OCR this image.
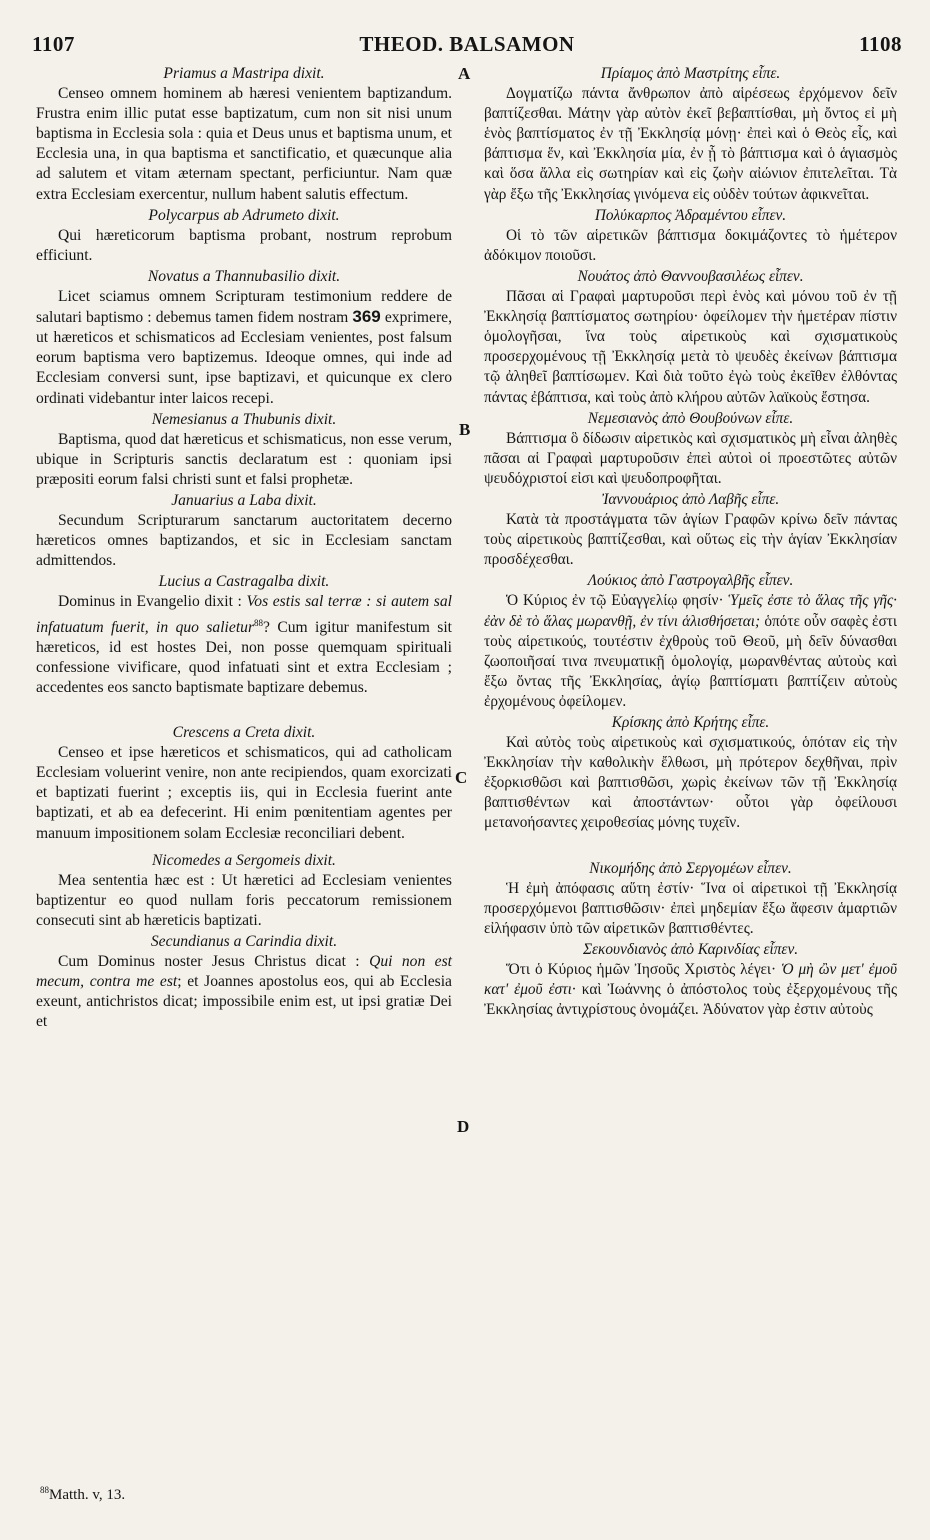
1107	THEOD. BALSAMON	1108
A
B
C
D

Priamus a Mastripa dixit.

Censeo omnem hominem ab hæresi venientem baptizandum. Frustra enim illic putat esse baptizatum, cum non sit nisi unum baptisma in Ecclesia sola : quia et Deus unus et baptisma unum, et Ecclesia una, in qua baptisma et sanctificatio, et quæcunque alia ad salutem et vitam æternam spectant, perficiuntur. Nam quæ extra Ecclesiam exercentur, nullum habent salutis effectum.

Polycarpus ab Adrumeto dixit.

Qui hæreticorum baptisma probant, nostrum reprobum efficiunt.

Novatus a Thannubasilio dixit.

Licet sciamus omnem Scripturam testimonium reddere de salutari baptismo : debemus tamen fidem nostram 369 exprimere, ut hæreticos et schismaticos ad Ecclesiam venientes, post falsum eorum baptisma vero baptizemus. Ideoque omnes, qui inde ad Ecclesiam conversi sunt, ipse baptizavi, et quicunque ex clero ordinati videbantur inter laicos recepi.

Nemesianus a Thubunis dixit.

Baptisma, quod dat hæreticus et schismaticus, non esse verum, ubique in Scripturis sanctis declaratum est : quoniam ipsi præpositi eorum falsi christi sunt et falsi prophetæ.

Januarius a Laba dixit.

Secundum Scripturarum sanctarum auctoritatem decerno hæreticos omnes baptizandos, et sic in Ecclesiam sanctam admittendos.

Lucius a Castragalba dixit.

Dominus in Evangelio dixit : Vos estis sal terræ : si autem sal infatuatum fuerit, in quo salietur$^{88}$? Cum igitur manifestum sit hæreticos, id est hostes Dei, non posse quemquam spirituali confessione vivificare, quod infatuati sint et extra Ecclesiam ; accedentes eos sancto baptismate baptizare debemus.

Crescens a Creta dixit.

Censeo et ipse hæreticos et schismaticos, qui ad catholicam Ecclesiam voluerint venire, non ante recipiendos, quam exorcizati et baptizati fuerint ; exceptis iis, qui in Ecclesia fuerint ante baptizati, et ab ea defecerint. Hi enim pœnitentiam agentes per manuum impositionem solam Ecclesiæ reconciliari debent.

Nicomedes a Sergomeis dixit.

Mea sententia hæc est : Ut hæretici ad Ecclesiam venientes baptizentur eo quod nullam foris peccatorum remissionem consecuti sint ab hæreticis baptizati.

Secundianus a Carindia dixit.

Cum Dominus noster Jesus Christus dicat : Qui non est mecum, contra me est; et Joannes apostolus eos, qui ab Ecclesia exeunt, antichristos dicat; impossibile enim est, ut ipsi gratiæ Dei et

Πρίαμος ἀπὸ Μαστρίτης εἶπε.

Δογματίζω πάντα ἄνθρωπον ἀπὸ αἱρέσεως ἐρχόμενον δεῖν βαπτίζεσθαι. Μάτην γὰρ αὐτὸν ἐκεῖ βεβαπτίσθαι, μὴ ὄντος εἰ μὴ ἑνὸς βαπτίσματος ἐν τῇ Ἐκκλησίᾳ μόνῃ· ἐπεὶ καὶ ὁ Θεὸς εἷς, καὶ βάπτισμα ἕν, καὶ Ἐκκλησία μία, ἐν ᾗ τὸ βάπτισμα καὶ ὁ ἁγιασμὸς καὶ ὅσα ἄλλα εἰς σωτηρίαν καὶ εἰς ζωὴν αἰώνιον ἐπιτελεῖται. Τὰ γὰρ ἔξω τῆς Ἐκκλησίας γινόμενα εἰς οὐδὲν τούτων ἀφικνεῖται.

Πολύκαρπος Ἀδραμέντου εἶπεν.

Οἱ τὸ τῶν αἱρετικῶν βάπτισμα δοκιμάζοντες τὸ ἡμέτερον ἀδόκιμον ποιοῦσι.

Νουάτος ἀπὸ Θαννουβασιλέως εἶπεν.

Πᾶσαι αἱ Γραφαὶ μαρτυροῦσι περὶ ἑνὸς καὶ μόνου τοῦ ἐν τῇ Ἐκκλησίᾳ βαπτίσματος σωτηρίου· ὀφείλομεν τὴν ἡμετέραν πίστιν ὁμολογῆσαι, ἵνα τοὺς αἱρετικοὺς καὶ σχισματικοὺς προσερχομένους τῇ Ἐκκλησίᾳ μετὰ τὸ ψευδὲς ἐκείνων βάπτισμα τῷ ἀληθεῖ βαπτίσωμεν. Καὶ διὰ τοῦτο ἐγὼ τοὺς ἐκεῖθεν ἐλθόντας πάντας ἐβάπτισα, καὶ τοὺς ἀπὸ κλήρου αὐτῶν λαϊκοὺς ἔστησα.

Νεμεσιανὸς ἀπὸ Θουβούνων εἶπε.

Βάπτισμα ὃ δίδωσιν αἱρετικὸς καὶ σχισματικὸς μὴ εἶναι ἀληθὲς πᾶσαι αἱ Γραφαὶ μαρτυροῦσιν ἐπεὶ αὐτοὶ οἱ προεστῶτες αὐτῶν ψευδόχριστοί εἰσι καὶ ψευδοπροφῆται.

Ἰαννουάριος ἀπὸ Λαβῆς εἶπε.

Κατὰ τὰ προστάγματα τῶν ἁγίων Γραφῶν κρίνω δεῖν πάντας τοὺς αἱρετικοὺς βαπτίζεσθαι, καὶ οὕτως εἰς τὴν ἁγίαν Ἐκκλησίαν προσδέχεσθαι.

Λούκιος ἀπὸ Γαστρογαλβῆς εἶπεν.

Ὁ Κύριος ἐν τῷ Εὐαγγελίῳ φησίν· Ὑμεῖς ἐστε τὸ ἅλας τῆς γῆς· ἐὰν δὲ τὸ ἅλας μωρανθῇ, ἐν τίνι ἁλισθήσεται; ὁπότε οὖν σαφὲς ἐστι τοὺς αἱρετικούς, τουτέστιν ἐχθροὺς τοῦ Θεοῦ, μὴ δεῖν δύνασθαι ζωοποιῆσαί τινα πνευματικῇ ὁμολογίᾳ, μωρανθέντας αὐτοὺς καὶ ἔξω ὄντας τῆς Ἐκκλησίας, ἁγίῳ βαπτίσματι βαπτίζειν αὐτοὺς ἐρχομένους ὀφείλομεν.

Κρίσκης ἀπὸ Κρήτης εἶπε.

Καὶ αὐτὸς τοὺς αἱρετικοὺς καὶ σχισματικούς, ὁπόταν εἰς τὴν Ἐκκλησίαν τὴν καθολικὴν ἔλθωσι, μὴ πρότερον δεχθῆναι, πρὶν ἐξορκισθῶσι καὶ βαπτισθῶσι, χωρὶς ἐκείνων τῶν τῇ Ἐκκλησίᾳ βαπτισθέντων καὶ ἀποστάντων· οὗτοι γὰρ ὀφείλουσι μετανοήσαντες χειροθεσίας μόνης τυχεῖν.

Νικομήδης ἀπὸ Σεργομέων εἶπεν.

Ἡ ἐμὴ ἀπόφασις αὕτη ἐστίν· Ἵνα οἱ αἱρετικοὶ τῇ Ἐκκλησίᾳ προσερχόμενοι βαπτισθῶσιν· ἐπεὶ μηδεμίαν ἔξω ἄφεσιν ἁμαρτιῶν εἰλήφασιν ὑπὸ τῶν αἱρετικῶν βαπτισθέντες.

Σεκουνδιανὸς ἀπὸ Καρινδίας εἶπεν.

Ὅτι ὁ Κύριος ἡμῶν Ἰησοῦς Χριστὸς λέγει· Ὁ μὴ ὢν μετ' ἐμοῦ κατ' ἐμοῦ ἐστι· καὶ Ἰωάννης ὁ ἀπόστολος τοὺς ἐξερχομένους τῆς Ἐκκλησίας ἀντιχρίστους ὀνομάζει. Ἀδύνατον γὰρ ἐστιν αὐτοὺς

$^{88}$Matth. v, 13.
